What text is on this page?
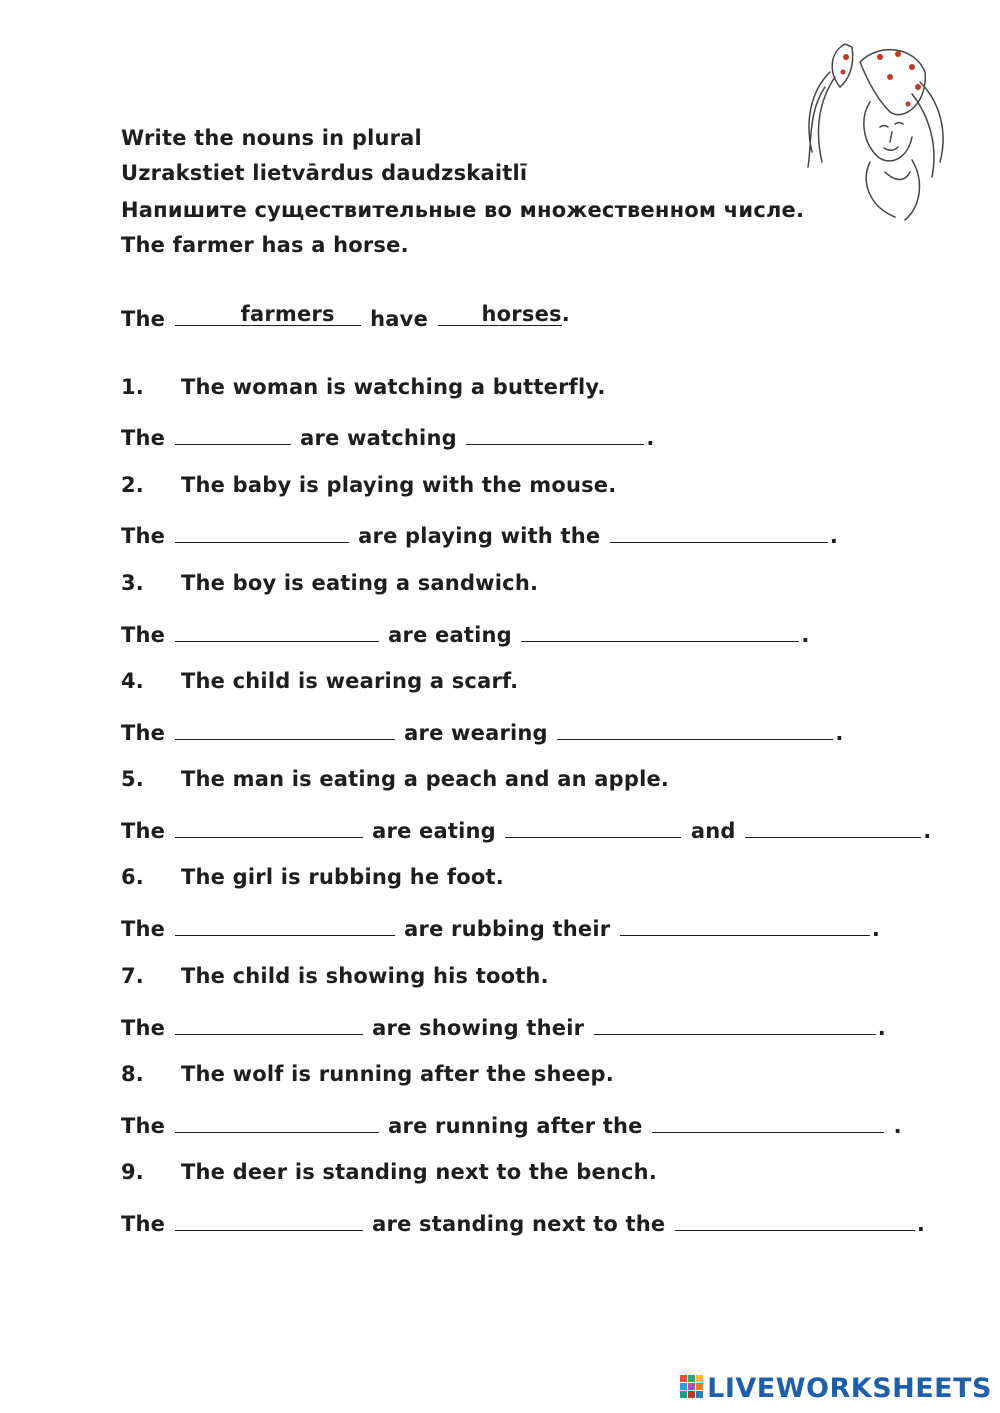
Write the nouns in plural
Uzrakstiet lietvārdus daudzskaitlī
Напишите существительные во множественном числе.
The farmer has a horse.
The	farmers have	horses.
1. The woman is watching a butterfly.
The	are watching	.
2. The baby is playing with the mouse.
The	are playing with the	.
3. The boy is eating a sandwich.
The	are eating	.
4. The child is wearing a scarf.
The	are wearing	.
5. The man is eating a peach and an apple.
The	are eating	and	.
6. The girl is rubbing he foot.
The	are rubbing their	.
7. The child is showing his tooth.
The	are showing their	.
8. The wolf is running after the sheep.
The	are running after the	.
9. The deer is standing next to the bench.
The	are standing next to the	.
LIVEWORKSHEETS
